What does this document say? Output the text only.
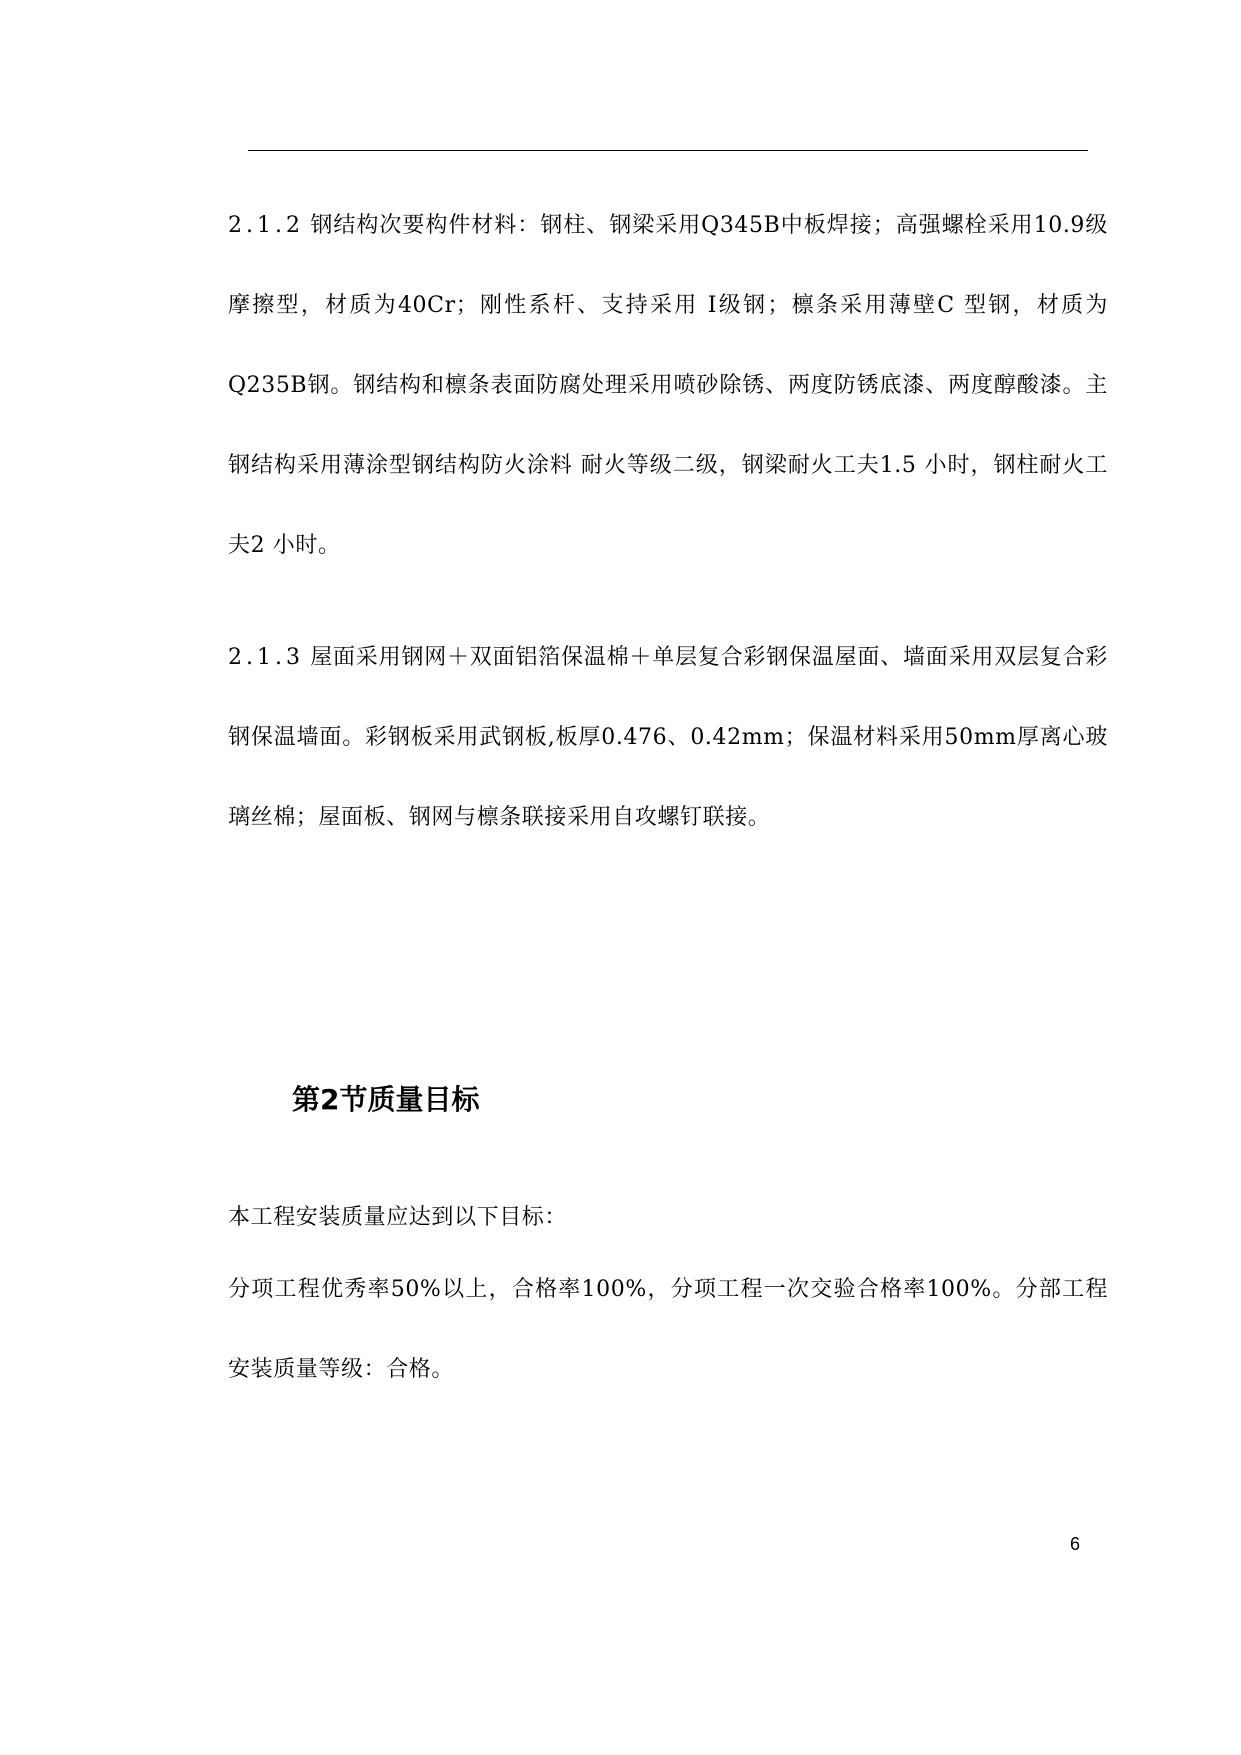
2.1.2 钢结构次要构件材料：钢柱、钢梁采用Q345B中板焊接；高强螺栓采用10.9级摩擦型，材质为40Cr；刚性系杆、支持采用 Ⅰ级钢；檩条采用薄壁C 型钢，材质为Q235B钢。钢结构和檩条表面防腐处理采用喷砂除锈、两度防锈底漆、两度醇酸漆。主钢结构采用薄涂型钢结构防火涂料 耐火等级二级，钢梁耐火工夫1.5 小时，钢柱耐火工夫2 小时。

2.1.3 屋面采用钢网＋双面铝箔保温棉＋单层复合彩钢保温屋面、墙面采用双层复合彩钢保温墙面。彩钢板采用武钢板,板厚0.476、0.42mm；保温材料采用50mm厚离心玻璃丝棉；屋面板、钢网与檩条联接采用自攻螺钉联接。

第2节质量目标

本工程安装质量应达到以下目标：

分项工程优秀率50%以上，合格率100%，分项工程一次交验合格率100%。分部工程安装质量等级：合格。

6
